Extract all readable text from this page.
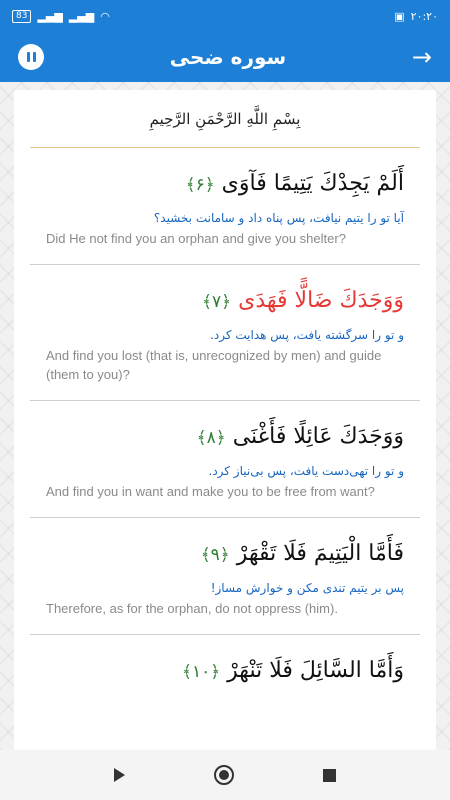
83 ▂▄▆ ▂▄▆ ◠	▣ ۲۰:۲۰
سوره ضحی	→
بِسْمِ اللَّهِ الرَّحْمَنِ الرَّحِيمِ
أَلَمْ يَجِدْكَ يَتِيمًا فَآوَى ﴿۶﴾
آیا تو را یتیم نیافت، پس پناه داد و سامانت بخشید؟
Did He not find you an orphan and give you shelter?
وَوَجَدَكَ ضَالًّا فَهَدَى ﴿۷﴾
و تو را سرگشته یافت، پس هدایت کرد.
And find you lost (that is, unrecognized by men) and guide (them to you)?
وَوَجَدَكَ عَائِلًا فَأَغْنَى ﴿۸﴾
و تو را تهی‌دست یافت، پس بی‌نیاز کرد.
And find you in want and make you to be free from want?
فَأَمَّا الْيَتِيمَ فَلَا تَقْهَرْ ﴿۹﴾
پس بر یتیم تندی مکن و خوارش مساز!
Therefore, as for the orphan, do not oppress (him).
وَأَمَّا السَّائِلَ فَلَا تَنْهَرْ ﴿۱۰﴾
